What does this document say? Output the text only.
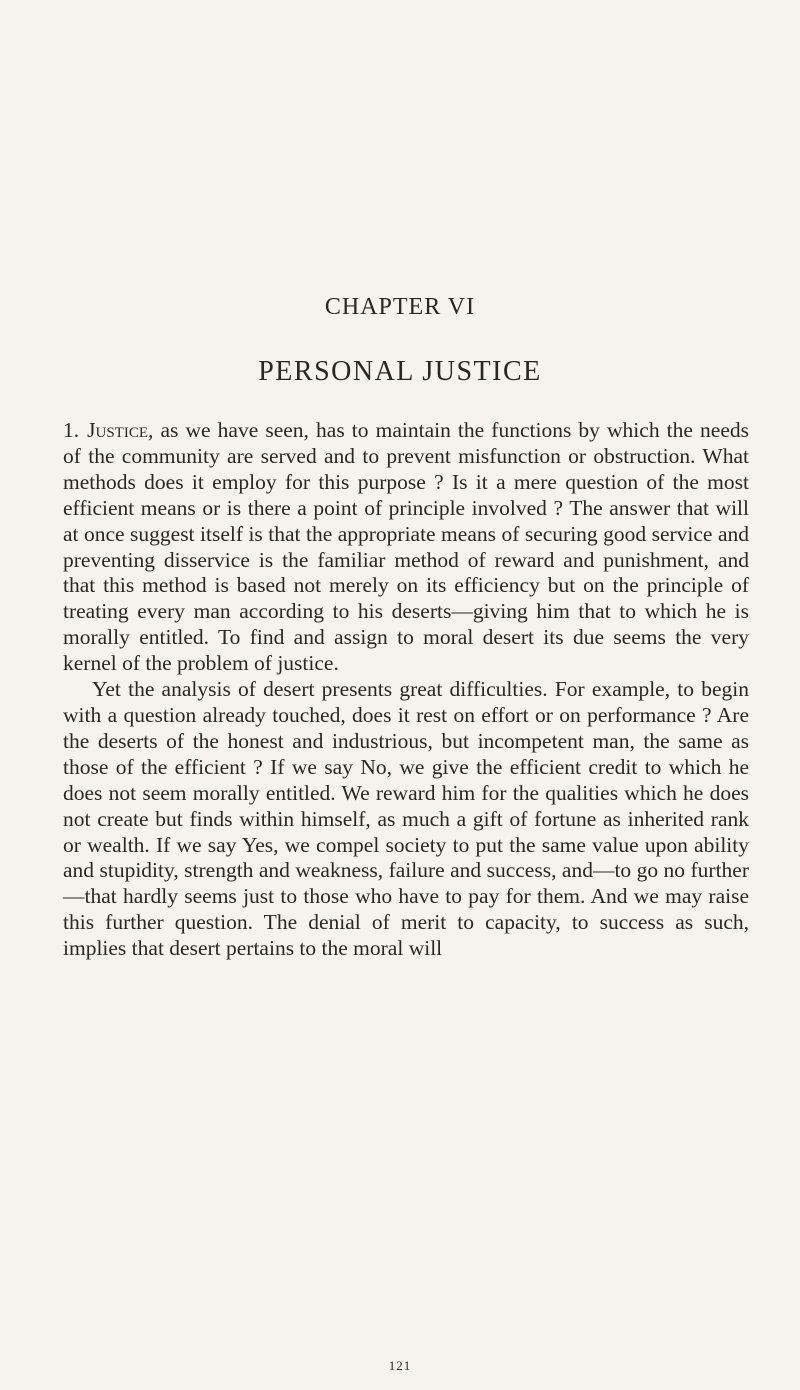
CHAPTER VI
PERSONAL JUSTICE

1. Justice, as we have seen, has to maintain the functions by which the needs of the community are served and to prevent misfunction or obstruction. What methods does it employ for this purpose ? Is it a mere question of the most efficient means or is there a point of principle involved ? The answer that will at once suggest itself is that the appropriate means of securing good service and preventing disservice is the familiar method of reward and punishment, and that this method is based not merely on its efficiency but on the principle of treating every man according to his deserts—giving him that to which he is morally entitled. To find and assign to moral desert its due seems the very kernel of the problem of justice.

Yet the analysis of desert presents great difficulties. For example, to begin with a question already touched, does it rest on effort or on performance ? Are the deserts of the honest and industrious, but incompetent man, the same as those of the efficient ? If we say No, we give the efficient credit to which he does not seem morally entitled. We reward him for the qualities which he does not create but finds within himself, as much a gift of fortune as inherited rank or wealth. If we say Yes, we compel society to put the same value upon ability and stupidity, strength and weakness, failure and success, and—to go no further—that hardly seems just to those who have to pay for them. And we may raise this further question. The denial of merit to capacity, to success as such, implies that desert pertains to the moral will

121
